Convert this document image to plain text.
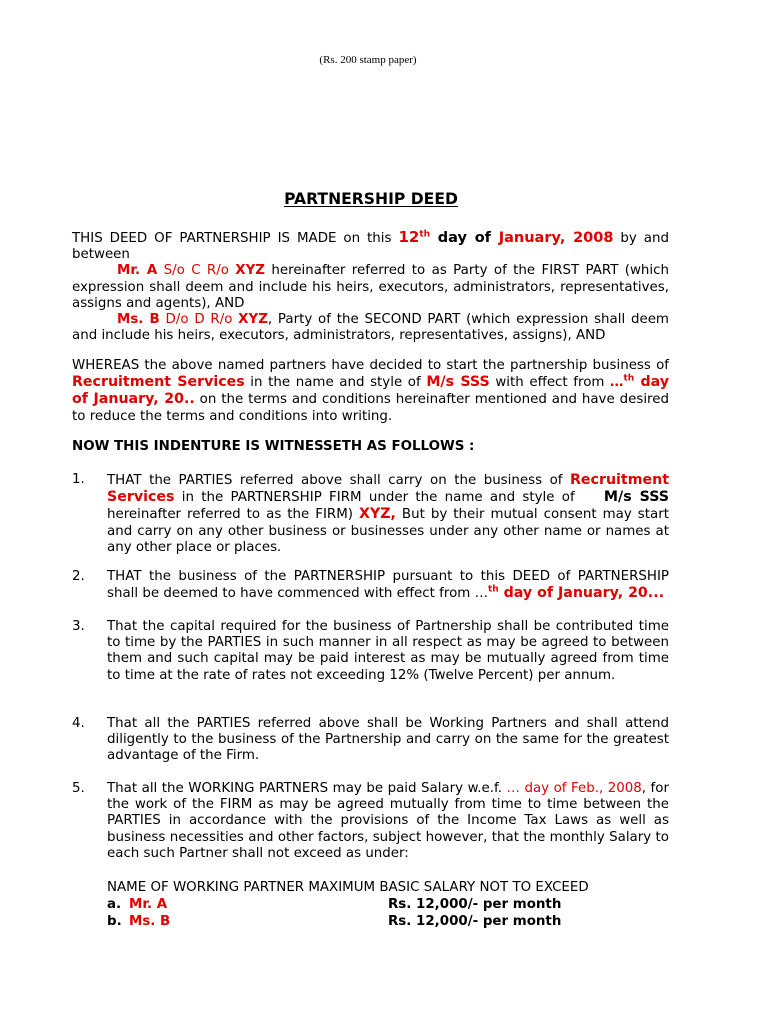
(Rs. 200 stamp paper)
PARTNERSHIP DEED
THIS DEED OF PARTNERSHIP IS MADE on this 12th day of January, 2008 by and between
Mr. A S/o C R/o XYZ hereinafter referred to as Party of the FIRST PART (which expression shall deem and include his heirs, executors, administrators, representatives, assigns and agents), AND
Ms. B D/o D R/o XYZ, Party of the SECOND PART (which expression shall deem and include his heirs, executors, administrators, representatives, assigns), AND
WHEREAS the above named partners have decided to start the partnership business of Recruitment Services in the name and style of M/s SSS with effect from …$^{th}$ day of January, 20.. on the terms and conditions hereinafter mentioned and have desired to reduce the terms and conditions into writing.
NOW THIS INDENTURE IS WITNESSETH AS FOLLOWS :
1.	THAT the PARTIES referred above shall carry on the business of Recruitment Services in the PARTNERSHIP FIRM under the name and style of    M/s SSS hereinafter referred to as the FIRM) XYZ, But by their mutual consent may start and carry on any other business or businesses under any other name or names at any other place or places.
2.	THAT the business of the PARTNERSHIP pursuant to this DEED of PARTNERSHIP shall be deemed to have commenced with effect from …$^{th}$ day of January, 20...
3.	That the capital required for the business of Partnership shall be contributed time to time by the PARTIES in such manner in all respect as may be agreed to between them and such capital may be paid interest as may be mutually agreed from time to time at the rate of rates not exceeding 12% (Twelve Percent) per annum.
4.	That all the PARTIES referred above shall be Working Partners and shall attend diligently to the business of the Partnership and carry on the same for the greatest advantage of the Firm.
5.	That all the WORKING PARTNERS may be paid Salary w.e.f. … day of Feb., 2008, for the work of the FIRM as may be agreed mutually from time to time between the PARTIES in accordance with the provisions of the Income Tax Laws as well as business necessities and other factors, subject however, that the monthly Salary to each such Partner shall not exceed as under:
NAME OF WORKING PARTNER MAXIMUM BASIC SALARY NOT TO EXCEED
a. Mr. A	Rs. 12,000/- per month
b. Ms. B	Rs. 12,000/- per month
